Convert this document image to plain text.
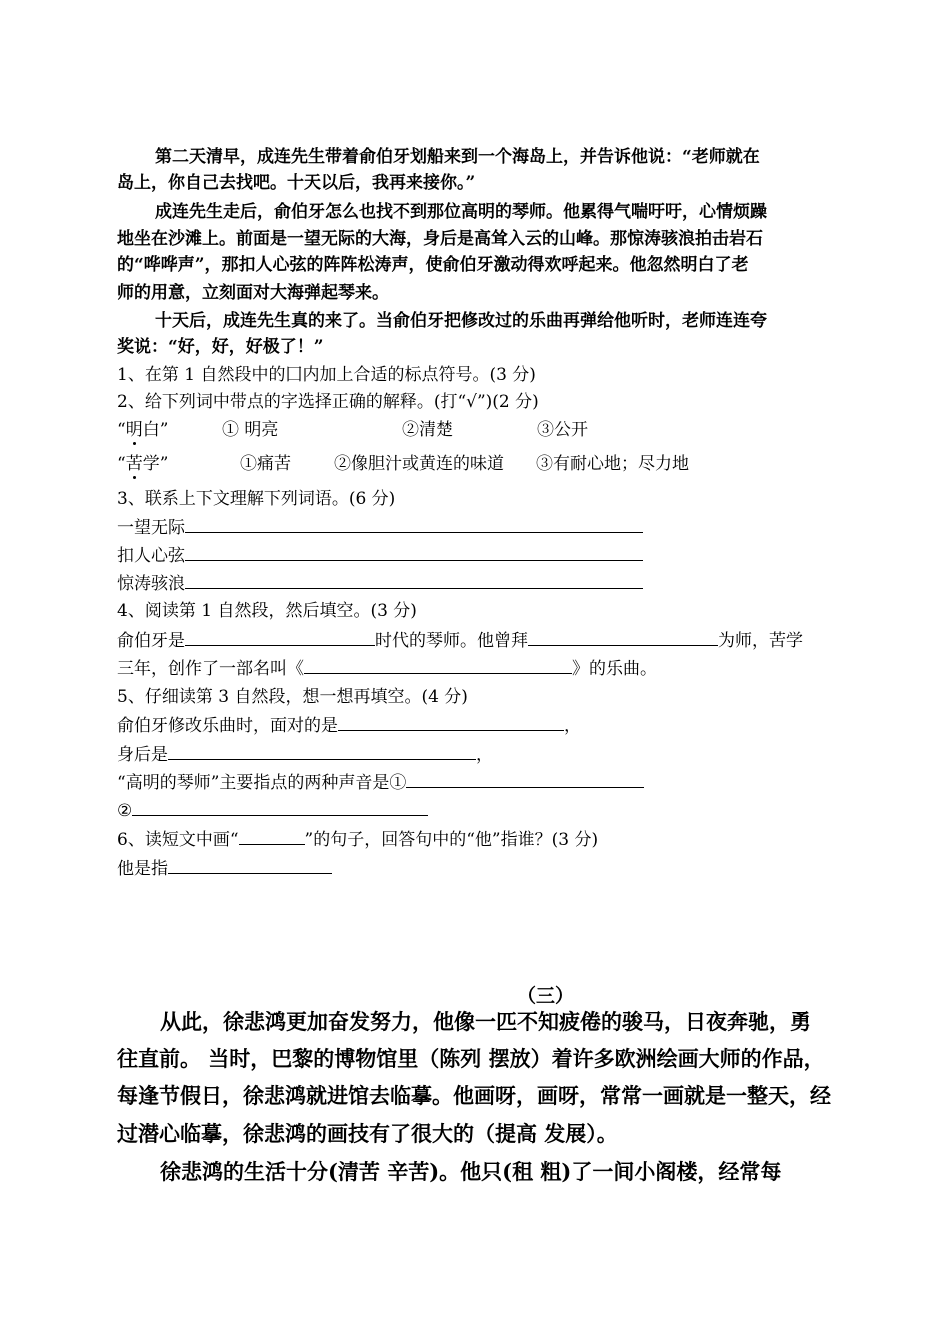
第二天清早，成连先生带着俞伯牙划船来到一个海岛上，并告诉他说：“老师就在
岛上，你自己去找吧。十天以后，我再来接你。”
成连先生走后，俞伯牙怎么也找不到那位高明的琴师。他累得气喘吁吁，心情烦躁
地坐在沙滩上。前面是一望无际的大海，身后是高耸入云的山峰。那惊涛骇浪拍击岩石
的“哗哗声”，那扣人心弦的阵阵松涛声，使俞伯牙激动得欢呼起来。他忽然明白了老
师的用意，立刻面对大海弹起琴来。
十天后，成连先生真的来了。当俞伯牙把修改过的乐曲再弹给他听时，老师连连夸
奖说：“好，好，好极了！”
1、在第 1 自然段中的囗内加上合适的标点符号。(3 分)
2、给下列词中带点的字选择正确的解释。(打“√”)(2 分)
“明白”	① 明亮	②清楚	③公开
“苦学”	①痛苦	②像胆汁或黄连的味道 ③有耐心地；尽力地
3、联系上下文理解下列词语。(6 分)
一望无际
扣人心弦
惊涛骇浪
4、阅读第 1 自然段，然后填空。(3 分)
俞伯牙是	时代的琴师。他曾拜	为师，苦学
三年，创作了一部名叫《	》的乐曲。
5、仔细读第 3 自然段，想一想再填空。(4 分)
俞伯牙修改乐曲时，面对的是	，
身后是	，
“高明的琴师”主要指点的两种声音是①
②
6、读短文中画“	”的句子，回答句中的“他”指谁？(3 分)
他是指
（三）
从此，徐悲鸿更加奋发努力，他像一匹不知疲倦的骏马，日夜奔驰，勇
往直前。 当时，巴黎的博物馆里（陈列 摆放）着许多欧洲绘画大师的作品，
每逢节假日，徐悲鸿就进馆去临摹。他画呀，画呀，常常一画就是一整天，经
过潜心临摹，徐悲鸿的画技有了很大的（提高 发展）。
徐悲鸿的生活十分(清苦 辛苦)。他只(租 粗)了一间小阁楼，经常每
